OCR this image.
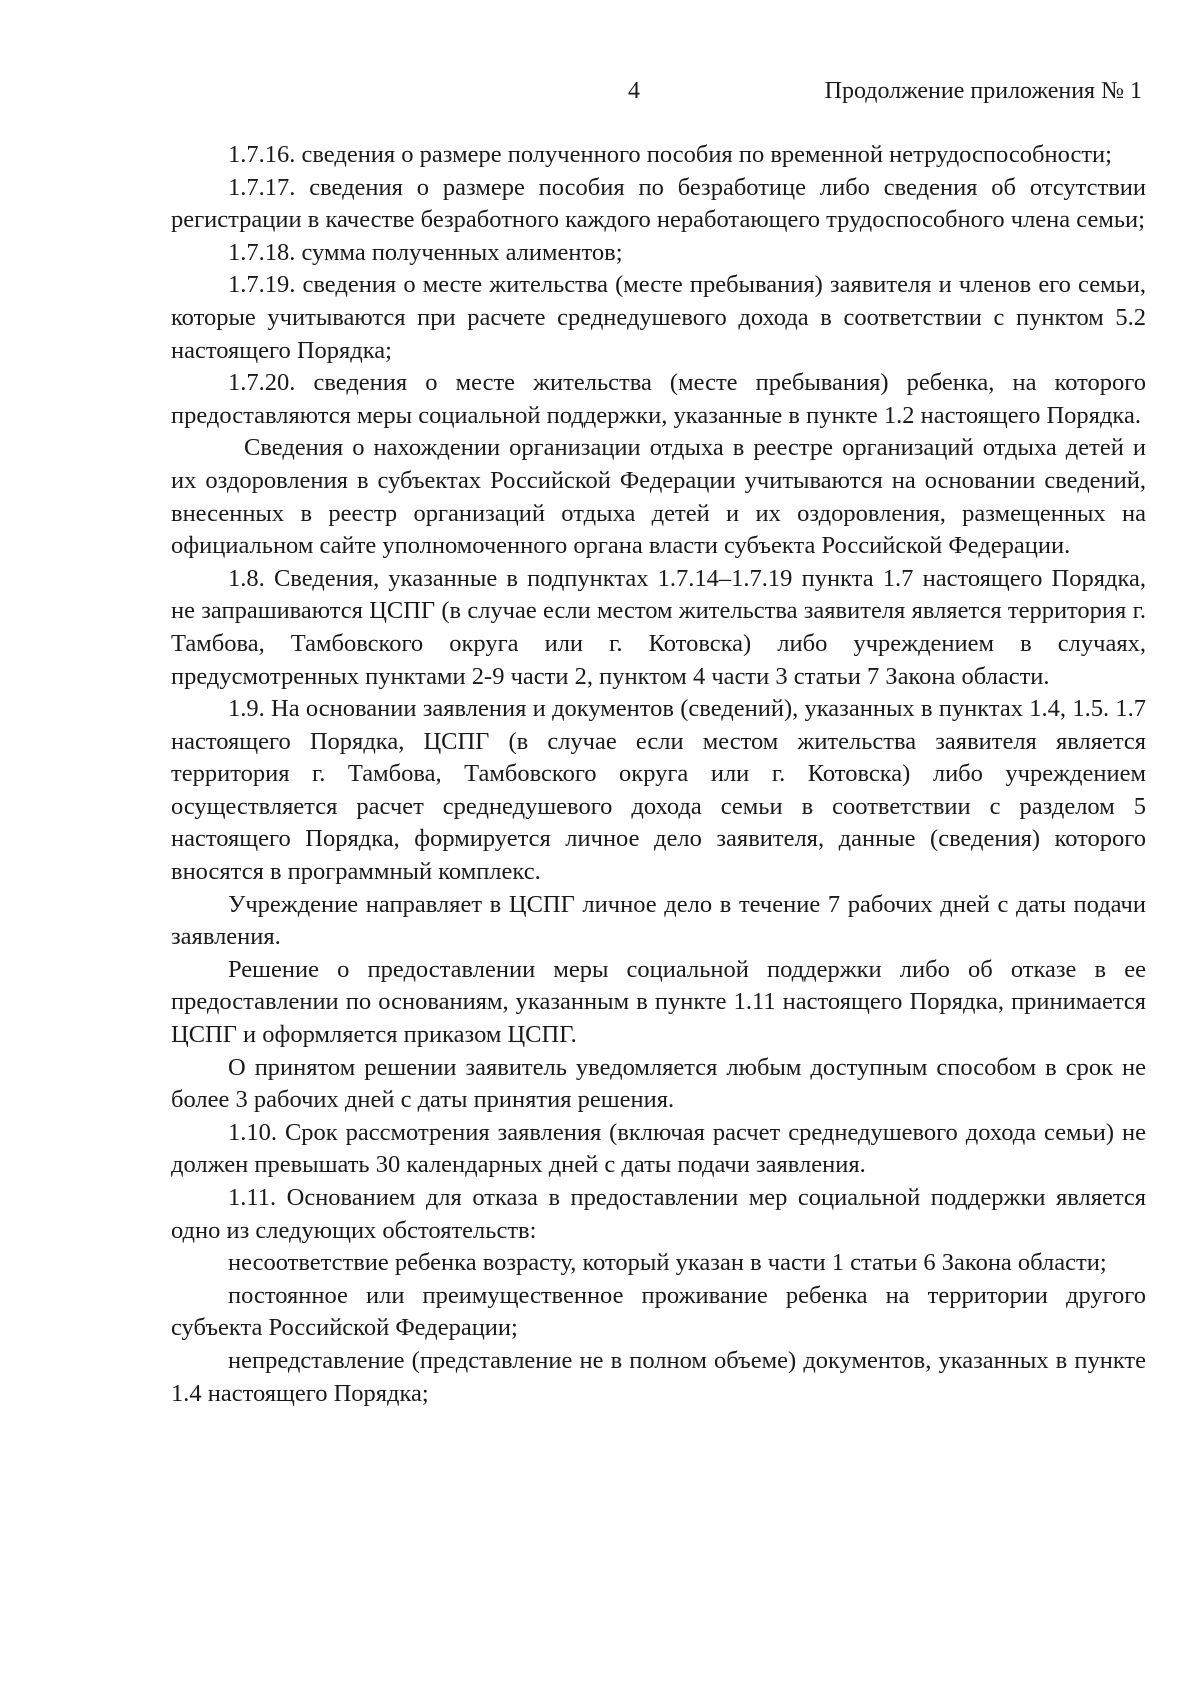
4	Продолжение приложения № 1

1.7.16. сведения о размере полученного пособия по временной нетрудоспособности;

1.7.17. сведения о размере пособия по безработице либо сведения об отсутствии регистрации в качестве безработного каждого неработающего трудоспособного члена семьи;

1.7.18. сумма полученных алиментов;

1.7.19. сведения о месте жительства (месте пребывания) заявителя и членов его семьи, которые учитываются при расчете среднедушевого дохода в соответствии с пунктом 5.2 настоящего Порядка;

1.7.20. сведения о месте жительства (месте пребывания) ребенка, на которого предоставляются меры социальной поддержки, указанные в пункте 1.2 настоящего Порядка.

Сведения о нахождении организации отдыха в реестре организаций отдыха детей и их оздоровления в субъектах Российской Федерации учитываются на основании сведений, внесенных в реестр организаций отдыха детей и их оздоровления, размещенных на официальном сайте уполномоченного органа власти субъекта Российской Федерации.

1.8. Сведения, указанные в подпунктах 1.7.14–1.7.19 пункта 1.7 настоящего Порядка, не запрашиваются ЦСПГ (в случае если местом жительства заявителя является территория г. Тамбова, Тамбовского округа или г. Котовска) либо учреждением в случаях, предусмотренных пунктами 2-9 части 2, пунктом 4 части 3 статьи 7 Закона области.

1.9. На основании заявления и документов (сведений), указанных в пунктах 1.4, 1.5. 1.7 настоящего Порядка, ЦСПГ (в случае если местом жительства заявителя является территория г. Тамбова, Тамбовского округа или г. Котовска) либо учреждением осуществляется расчет среднедушевого дохода семьи в соответствии с разделом 5 настоящего Порядка, формируется личное дело заявителя, данные (сведения) которого вносятся в программный комплекс.

Учреждение направляет в ЦСПГ личное дело в течение 7 рабочих дней с даты подачи заявления.

Решение о предоставлении меры социальной поддержки либо об отказе в ее предоставлении по основаниям, указанным в пункте 1.11 настоящего Порядка, принимается ЦСПГ и оформляется приказом ЦСПГ.

О принятом решении заявитель уведомляется любым доступным способом в срок не более 3 рабочих дней с даты принятия решения.

1.10. Срок рассмотрения заявления (включая расчет среднедушевого дохода семьи) не должен превышать 30 календарных дней с даты подачи заявления.

1.11. Основанием для отказа в предоставлении мер социальной поддержки является одно из следующих обстоятельств:

несоответствие ребенка возрасту, который указан в части 1 статьи 6 Закона области;

постоянное или преимущественное проживание ребенка на территории другого субъекта Российской Федерации;

непредставление (представление не в полном объеме) документов, указанных в пункте 1.4 настоящего Порядка;
